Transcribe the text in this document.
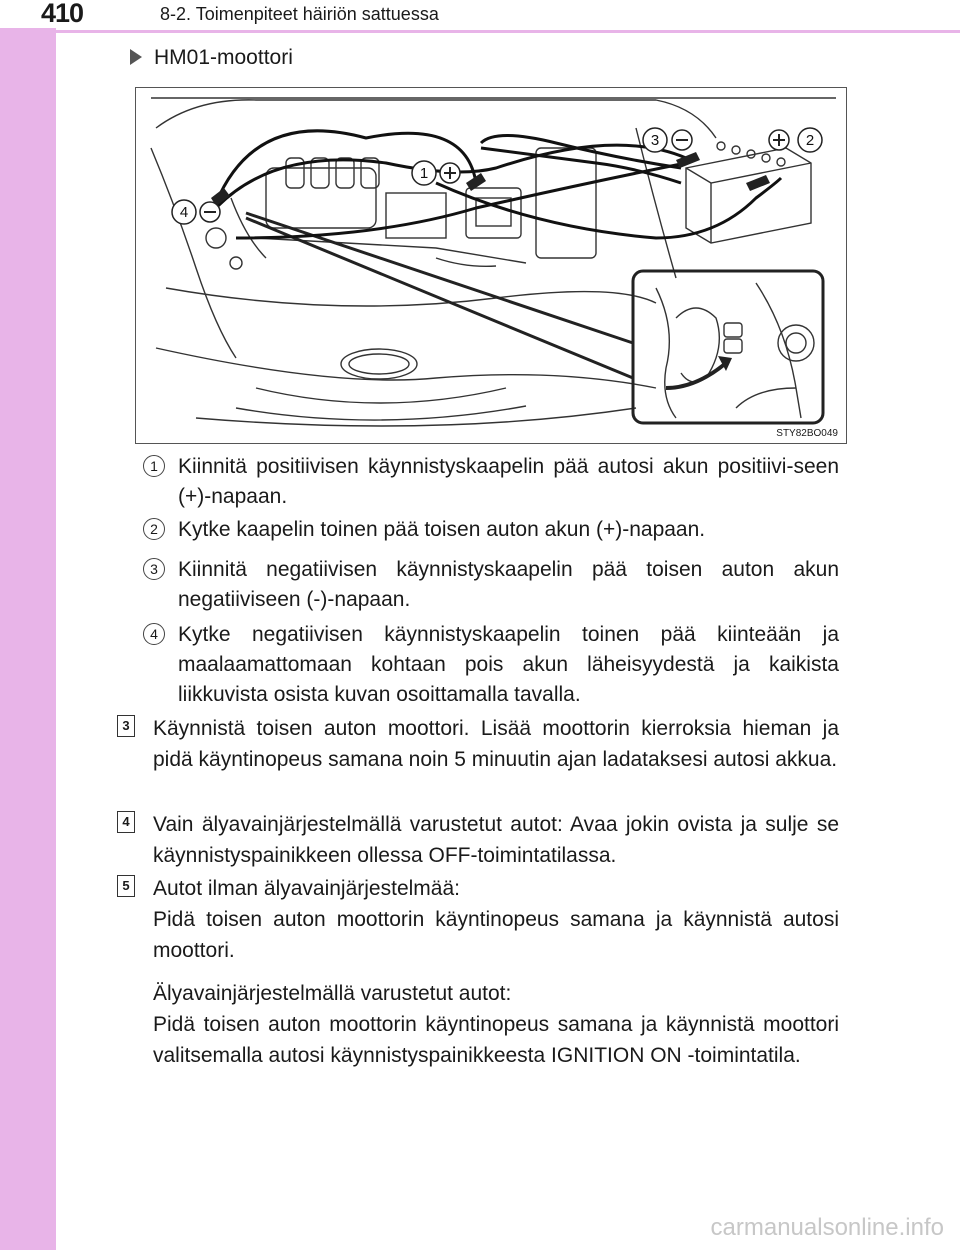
410	8-2. Toimenpiteet häiriön sattuessa
HM01-moottori
1
2
3
4
STY82BO049
1 Kiinnitä positiivisen käynnistyskaapelin pää autosi akun positiivi-seen (+)-napaan.
2 Kytke kaapelin toinen pää toisen auton akun (+)-napaan.
3 Kiinnitä negatiivisen käynnistyskaapelin pää toisen auton akun negatiiviseen (-)-napaan.
4 Kytke negatiivisen käynnistyskaapelin toinen pää kiinteään ja maalaamattomaan kohtaan pois akun läheisyydestä ja kaikista liikkuvista osista kuvan osoittamalla tavalla.
3 Käynnistä toisen auton moottori. Lisää moottorin kierroksia hieman ja pidä käyntinopeus samana noin 5 minuutin ajan ladataksesi autosi akkua.

4 Vain älyavainjärjestelmällä varustetut autot: Avaa jokin ovista ja sulje se käynnistyspainikkeen ollessa OFF-toimintatilassa.

5 Autot ilman älyavainjärjestelmää:

Pidä toisen auton moottorin käyntinopeus samana ja käynnistä autosi moottori.

Älyavainjärjestelmällä varustetut autot:

Pidä toisen auton moottorin käyntinopeus samana ja käynnistä moottori valitsemalla autosi käynnistyspainikkeesta IGNITION ON -toimintatila.

carmanualsonline.info
